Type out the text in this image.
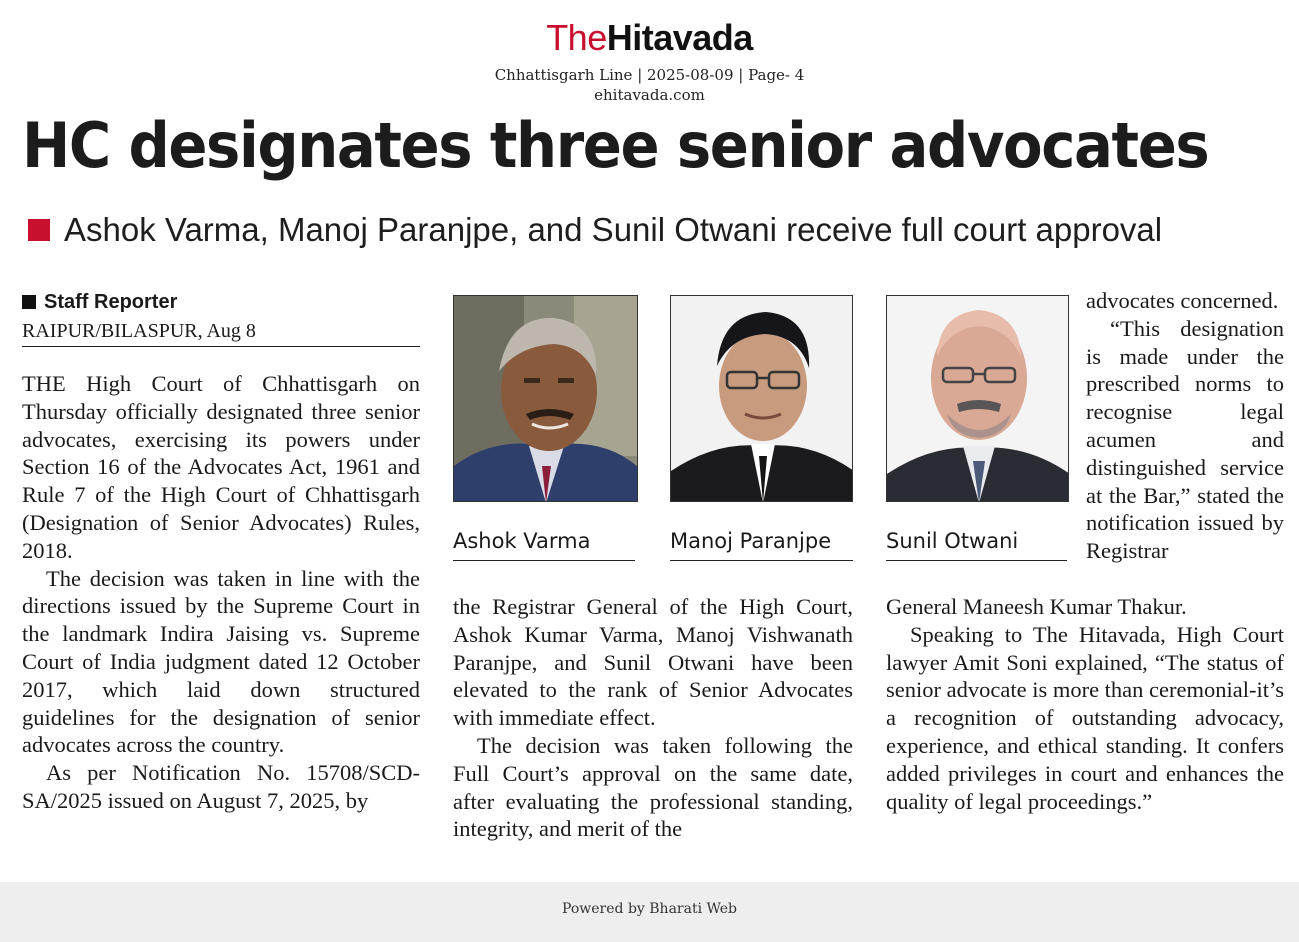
TheHitavada
Chhattisgarh Line | 2025-08-09 | Page- 4
ehitavada.com
HC designates three senior advocates
Ashok Varma, Manoj Paranjpe, and Sunil Otwani receive full court approval
Staff Reporter
RAIPUR/BILASPUR, Aug 8

THE High Court of Chhattisgarh on Thursday officially designated three senior advocates, exercising its powers under Section 16 of the Advocates Act, 1961 and Rule 7 of the High Court of Chhattisgarh (Designation of Senior Advocates) Rules, 2018.

The decision was taken in line with the directions issued by the Supreme Court in the landmark Indira Jaising vs. Supreme Court of India judgment dated 12 October 2017, which laid down structured guidelines for the designation of senior advocates across the country.

As per Notification No. 15708/SCD-SA/2025 issued on August 7, 2025, by

Ashok Varma	Manoj Paranjpe	Sunil Otwani

advocates concerned.

“This designation is made under the prescribed norms to recognise legal acumen and distinguished service at the Bar,” stated the notification issued by Registrar

the Registrar General of the High Court, Ashok Kumar Varma, Manoj Vishwanath Paranjpe, and Sunil Otwani have been elevated to the rank of Senior Advocates with immediate effect.

The decision was taken following the Full Court’s approval on the same date, after evaluating the professional standing, integrity, and merit of the

General Maneesh Kumar Thakur.

Speaking to The Hitavada, High Court lawyer Amit Soni explained, “The status of senior advocate is more than ceremonial-it’s a recognition of outstanding advocacy, experience, and ethical standing. It confers added privileges in court and enhances the quality of legal proceedings.”

Powered by Bharati Web
